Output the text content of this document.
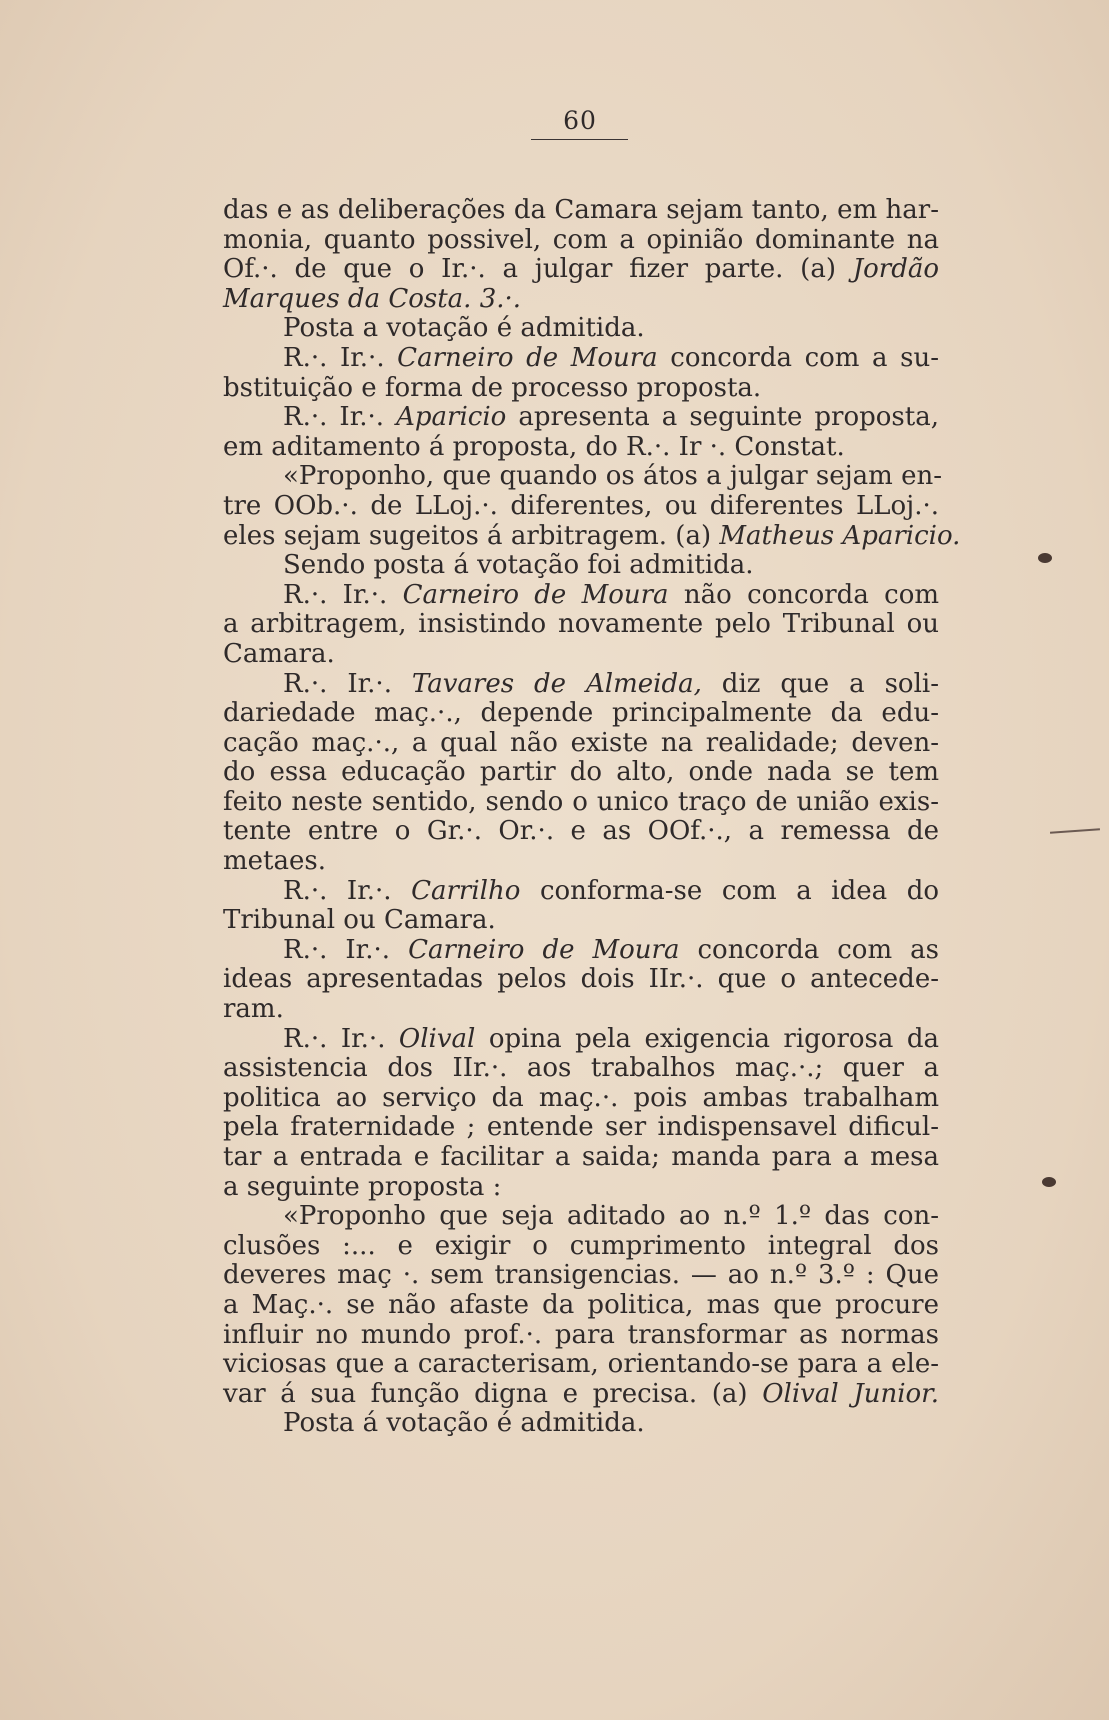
60
das e as deliberações da Camara sejam tanto, em har-
monia, quanto possivel, com a opinião dominante na
Of.·. de que o Ir.·. a julgar fizer parte. (a) Jordão
Marques da Costa. 3.·.
Posta a votação é admitida.
R.·. Ir.·. Carneiro de Moura concorda com a su-
bstituição e forma de processo proposta.
R.·. Ir.·. Aparicio apresenta a seguinte proposta,
em aditamento á proposta, do R.·. Ir ·. Constat.
«Proponho, que quando os átos a julgar sejam en-
tre OOb.·. de LLoj.·. diferentes, ou diferentes LLoj.·.
eles sejam sugeitos á arbitragem. (a) Matheus Aparicio.
Sendo posta á votação foi admitida.
R.·. Ir.·. Carneiro de Moura não concorda com
a arbitragem, insistindo novamente pelo Tribunal ou
Camara.
R.·. Ir.·. Tavares de Almeida, diz que a soli-
dariedade maç.·., depende principalmente da edu-
cação maç.·., a qual não existe na realidade; deven-
do essa educação partir do alto, onde nada se tem
feito neste sentido, sendo o unico traço de união exis-
tente entre o Gr.·. Or.·. e as OOf.·., a remessa de
metaes.
R.·. Ir.·. Carrilho conforma-se com a idea do
Tribunal ou Camara.
R.·. Ir.·. Carneiro de Moura concorda com as
ideas apresentadas pelos dois IIr.·. que o antecede-
ram.
R.·. Ir.·. Olival opina pela exigencia rigorosa da
assistencia dos IIr.·. aos trabalhos maç.·.; quer a
politica ao serviço da maç.·. pois ambas trabalham
pela fraternidade ; entende ser indispensavel dificul-
tar a entrada e facilitar a saida; manda para a mesa
a seguinte proposta :
«Proponho que seja aditado ao n.º 1.º das con-
clusões :... e exigir o cumprimento integral dos
deveres maç ·. sem transigencias. — ao n.º 3.º : Que
a Maç.·. se não afaste da politica, mas que procure
influir no mundo prof.·. para transformar as normas
viciosas que a caracterisam, orientando-se para a ele-
var á sua função digna e precisa. (a) Olival Junior.
Posta á votação é admitida.
